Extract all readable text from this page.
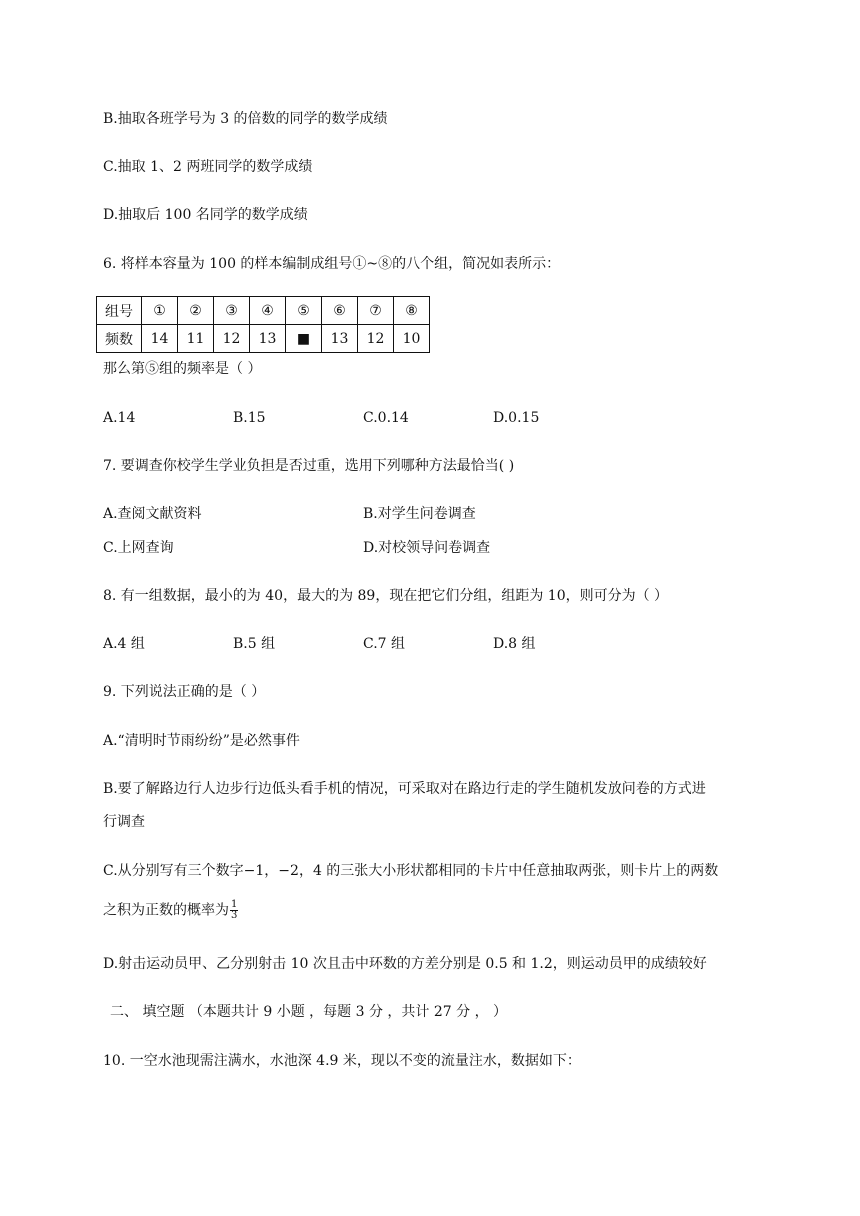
B.抽取各班学号为 3 的倍数的同学的数学成绩
C.抽取 1、2 两班同学的数学成绩
D.抽取后 100 名同学的数学成绩
6. 将样本容量为 100 的样本编制成组号①~⑧的八个组，简况如表所示：
组号	①	②	③	④	⑤	⑥	⑦	⑧
频数	14	11	12	13	■	13	12	10
那么第⑤组的频率是（ ）
A.14	B.15	C.0.14	D.0.15
7. 要调查你校学生学业负担是否过重，选用下列哪种方法最恰当( )
A.查阅文献资料	B.对学生问卷调查
C.上网查询	D.对校领导问卷调查
8. 有一组数据，最小的为 40，最大的为 89，现在把它们分组，组距为 10，则可分为（ ）
A.4 组	B.5 组	C.7 组	D.8 组
9. 下列说法正确的是（ ）
A.“清明时节雨纷纷”是必然事件
B.要了解路边行人边步行边低头看手机的情况，可采取对在路边行走的学生随机发放问卷的方式进
行调查
C.从分别写有三个数字−1，−2，4 的三张大小形状都相同的卡片中任意抽取两张，则卡片上的两数
之积为正数的概率为 $\frac{1}{3}$
D.射击运动员甲、乙分别射击 10 次且击中环数的方差分别是 0.5 和 1.2，则运动员甲的成绩较好
二、 填空题 （本题共计 9 小题 ，每题 3 分 ，共计 27 分 ， ）
10. 一空水池现需注满水，水池深 4.9 米，现以不变的流量注水，数据如下：
